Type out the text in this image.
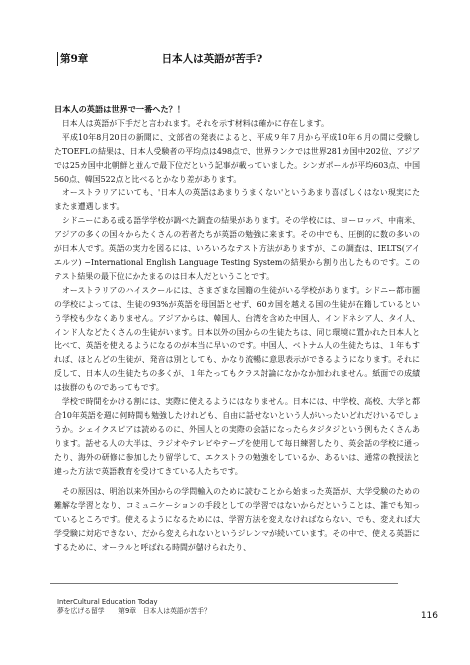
第9章	日本人は英語が苦手?

日本人の英語は世界で一番へた？！

日本人は英語が下手だと言われます。それを示す材料は確かに存在します。

平成10年8月20日の新聞に、文部省の発表によると、平成９年７月から平成10年６月の間に受験したTOEFLの結果は、日本人受験者の平均点は498点で、世界ランクでは世界281カ国中202位、アジアでは25カ国中北朝鮮と並んで最下位だという記事が載っていました。シンガポールが平均603点、中国560点、韓国522点と比べるとかなり差があります。

オーストラリアにいても、'日本人の英語はあまりうまくない'というあまり喜ばしくはない現実にたまたま遭遇します。

シドニーにある或る語学学校が調べた調査の結果があります。その学校には、ヨーロッパ、中南米、アジアの多くの国々からたくさんの若者たちが英語の勉強に来ます。その中でも、圧倒的に数の多いのが日本人です。英語の実力を図るには、いろいろなテスト方法がありますが、この調査は、IELTS(アイエルツ) −International English Language Testing Systemの結果から割り出したものです。このテスト結果の最下位にかたまるのは日本人だということです。

オーストラリアのハイスクールには、さまざまな国籍の生徒がいる学校があります。シドニー都市圏の学校によっては、生徒の93%が英語を母国語とせず、60カ国を越える国の生徒が在籍しているという学校も少なくありません。アジアからは、韓国人、台湾を含めた中国人、インドネシア人、タイ人、インド人などたくさんの生徒がいます。日本以外の国からの生徒たちは、同じ環境に置かれた日本人と比べて、英語を使えるようになるのが本当に早いのです。中国人、ベトナム人の生徒たちは、１年もすれば、ほとんどの生徒が、発音は別としても、かなり流暢に意思表示ができるようになります。それに反して、日本人の生徒たちの多くが、１年たってもクラス討論になかなか加われません。紙面での成績は抜群のものであってもです。

学校で時間をかける割には、実際に使えるようにはなりません。日本には、中学校、高校、大学と都合10年英語を週に何時間も勉強したけれども、自由に話せないという人がいったいどれだけいるでしょうか。シェイクスピアは読めるのに、外国人との実際の会話になったらタジタジという例もたくさんあります。話せる人の大半は、ラジオやテレビやテープを使用して毎日練習したり、英会話の学校に通ったり、海外の研修に参加したり留学して、エクストラの勉強をしているか、あるいは、通常の教授法と違った方法で英語教育を受けてきている人たちです。

その原因は、明治以来外国からの学問輸入のために読むことから始まった英語が、大学受験のための難解な学習となり、コミュニケーションの手段としての学習ではないからだということは、誰でも知っているところです。使えるようになるためには、学習方法を変えなければならない、でも、変えれば大学受験に対応できない、だから変えられないというジレンマが続いています。その中で、使える英語にするために、オーラルと呼ばれる時間が儲けられたり、

InterCultural Education Today
夢を広げる留学　　第9章　日本人は英語が苦手？	116
